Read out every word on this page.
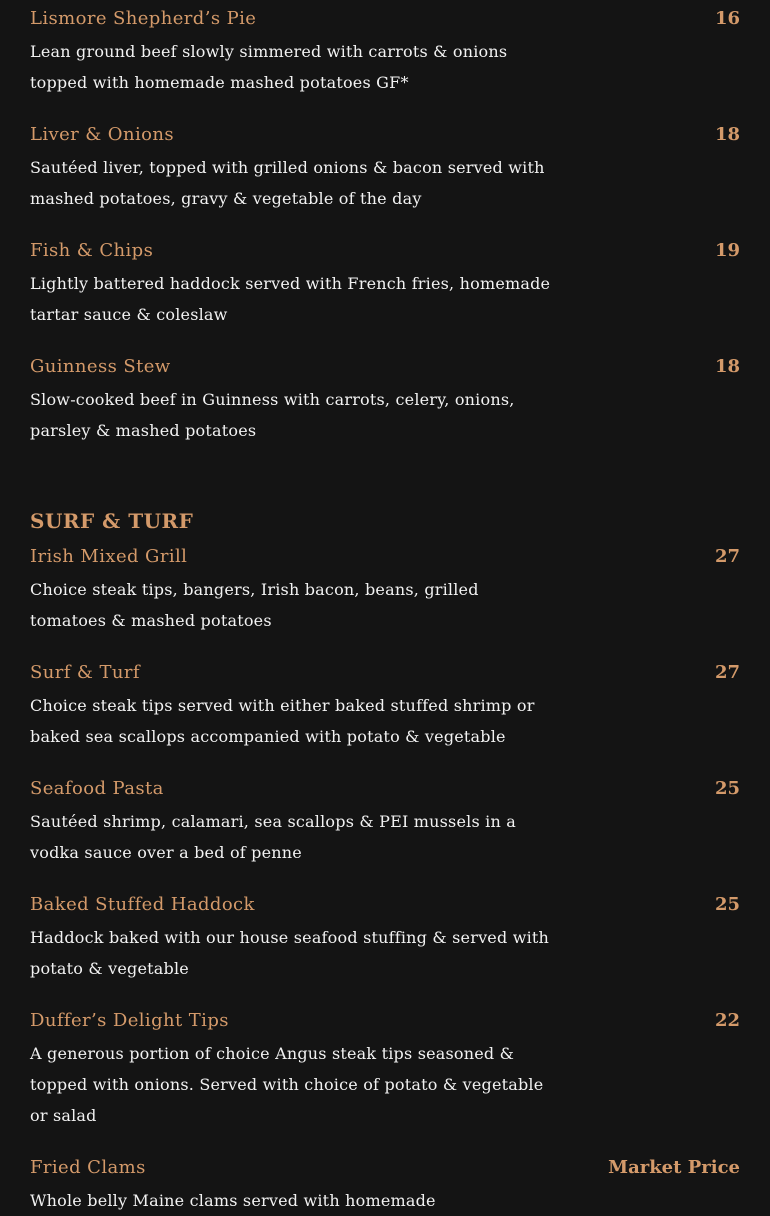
Lismore Shepherd’s Pie	16
Lean ground beef slowly simmered with carrots & onions topped with homemade mashed potatoes GF*
Liver & Onions	18
Sautéed liver, topped with grilled onions & bacon served with mashed potatoes, gravy & vegetable of the day
Fish & Chips	19
Lightly battered haddock served with French fries, homemade tartar sauce & coleslaw
Guinness Stew	18
Slow-cooked beef in Guinness with carrots, celery, onions, parsley & mashed potatoes
SURF & TURF
Irish Mixed Grill	27
Choice steak tips, bangers, Irish bacon, beans, grilled tomatoes & mashed potatoes
Surf & Turf	27
Choice steak tips served with either baked stuffed shrimp or baked sea scallops accompanied with potato & vegetable
Seafood Pasta	25
Sautéed shrimp, calamari, sea scallops & PEI mussels in a vodka sauce over a bed of penne
Baked Stuffed Haddock	25
Haddock baked with our house seafood stuffing & served with potato & vegetable
Duffer’s Delight Tips	22
A generous portion of choice Angus steak tips seasoned & topped with onions. Served with choice of potato & vegetable or salad
Fried Clams	Market Price
Whole belly Maine clams served with homemade
